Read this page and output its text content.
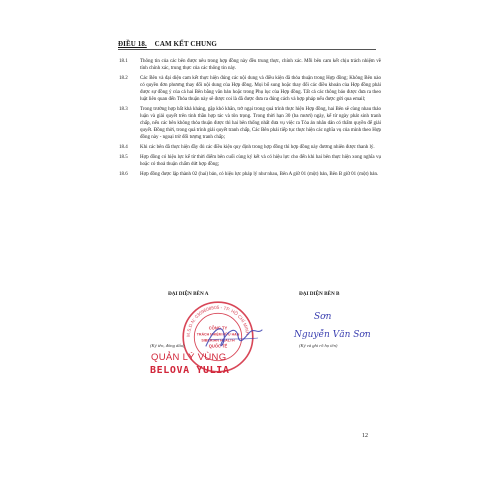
ĐIỀU 18. CAM KẾT CHUNG
18.1	Thông tin của các bên được nêu trong hợp đồng này đều trung thực, chính xác. Mỗi bên cam kết chịu trách nhiệm về tính chính xác, trung thực của các thông tin này.
18.2	Các Bên và đại diện cam kết thực hiện đúng các nội dung và điều kiện đã thỏa thuận trong Hợp đồng; Không Bên nào có quyền đơn phương thay đổi nội dung của Hợp đồng. Mọi bổ sung hoặc thay đổi các điều khoản của Hợp đồng phải được sự đồng ý của cả hai Bên bằng văn bản hoặc trong Phụ lục của Hợp đồng. Tất cả các thông báo được đưa ra theo luật liên quan đến Thỏa thuận này sẽ được coi là đã được đưa ra đúng cách và hợp pháp nếu được gửi qua email;
18.3	Trong trường hợp bất khả kháng, gặp khó khăn, trở ngại trong quá trình thực hiện Hợp đồng, hai Bên sẽ cùng nhau thảo luận và giải quyết trên tinh thần hợp tác và tôn trọng. Trong thời hạn 30 (ba mươi) ngày, kể từ ngày phát sinh tranh chấp, nếu các bên không thỏa thuận được thì hai bên thống nhất đưa vụ việc ra Tòa án nhân dân có thẩm quyền để giải quyết. Đồng thời, trong quá trình giải quyết tranh chấp, Các Bên phải tiếp tục thực hiện các nghĩa vụ của mình theo Hợp đồng này - ngoại trừ đối tượng tranh chấp;
18.4	Khi các bên đã thực hiện đầy đủ các điều kiện quy định trong hợp đồng thì hợp đồng này đương nhiên được thanh lý.
18.5	Hợp đồng có hiệu lực kể từ thời điểm bên cuối cùng ký kết và có hiệu lực cho đến khi hai bên thực hiện xong nghĩa vụ hoặc có thoả thuận chấm dứt hợp đồng;
18.6	Hợp đồng được lập thành 02 (hai) bản, có hiệu lực pháp lý như nhau, Bên A giữ 01 (một) bản, Bên B giữ 01 (một) bản.
ĐẠI DIỆN BÊN A	ĐẠI DIỆN BÊN B
M.S.D.N: 0309608505 - TP. HỒ CHÍ MINH
CÔNG TY
TRÁCH NHIỆM HỮU HẠN
SIBERIAN HEALTH
QUỐC TẾ
Sơn
Nguyễn Văn Sơn
(Ký tên, đóng dấu)	(Ký và ghi rõ họ tên)
QUẢN LÝ VÙNG
BELOVA YULIA
12
